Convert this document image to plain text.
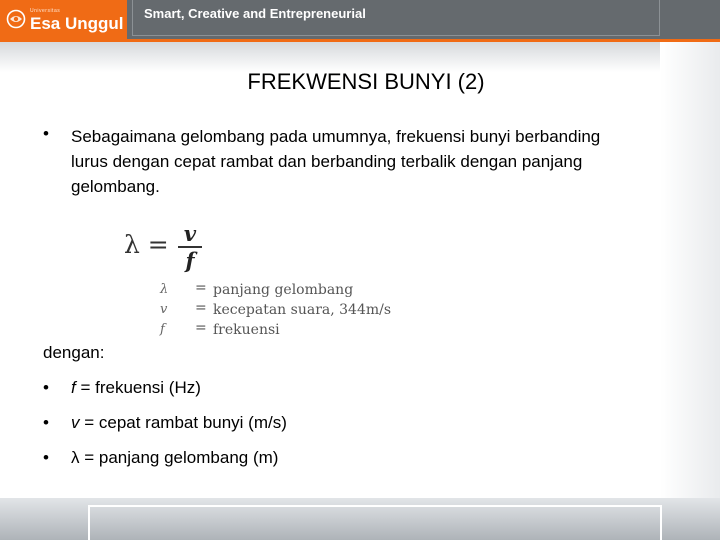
Universitas
Esa Unggul
Smart, Creative and Entrepreneurial
FREKWENSI BUNYI (2)
• Sebagaimana gelombang pada umumnya, frekuensi bunyi berbanding lurus dengan cepat rambat dan berbanding terbalik dengan panjang gelombang.
λ = v
f
λ = panjang gelombang
v = kecepatan suara, 344m/s
f = frekuensi
dengan:
• f = frekuensi (Hz)
• v = cepat rambat bunyi (m/s)
• λ = panjang gelombang (m)
